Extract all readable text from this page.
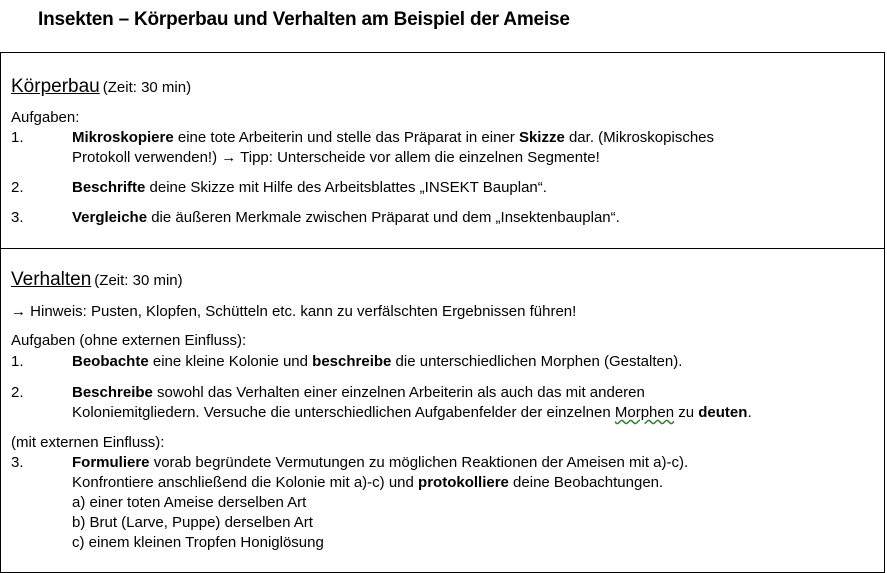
Insekten – Körperbau und Verhalten am Beispiel der Ameise
Körperbau (Zeit: 30 min)
Aufgaben:
1.	Mikroskopiere eine tote Arbeiterin und stelle das Präparat in einer Skizze dar. (Mikroskopisches
Protokoll verwenden!) → Tipp: Unterscheide vor allem die einzelnen Segmente!
2.	Beschrifte deine Skizze mit Hilfe des Arbeitsblattes „INSEKT Bauplan“.
3.	Vergleiche die äußeren Merkmale zwischen Präparat und dem „Insektenbauplan“.
Verhalten (Zeit: 30 min)
→ Hinweis: Pusten, Klopfen, Schütteln etc. kann zu verfälschten Ergebnissen führen!
Aufgaben (ohne externen Einfluss):
1.	Beobachte eine kleine Kolonie und beschreibe die unterschiedlichen Morphen (Gestalten).
2.	Beschreibe sowohl das Verhalten einer einzelnen Arbeiterin als auch das mit anderen
Koloniemitgliedern. Versuche die unterschiedlichen Aufgabenfelder der einzelnen Morphen zu deuten.
(mit externen Einfluss):
3.	Formuliere vorab begründete Vermutungen zu möglichen Reaktionen der Ameisen mit a)-c).
Konfrontiere anschließend die Kolonie mit a)-c) und protokolliere deine Beobachtungen.
a) einer toten Ameise derselben Art
b) Brut (Larve, Puppe) derselben Art
c) einem kleinen Tropfen Honiglösung
